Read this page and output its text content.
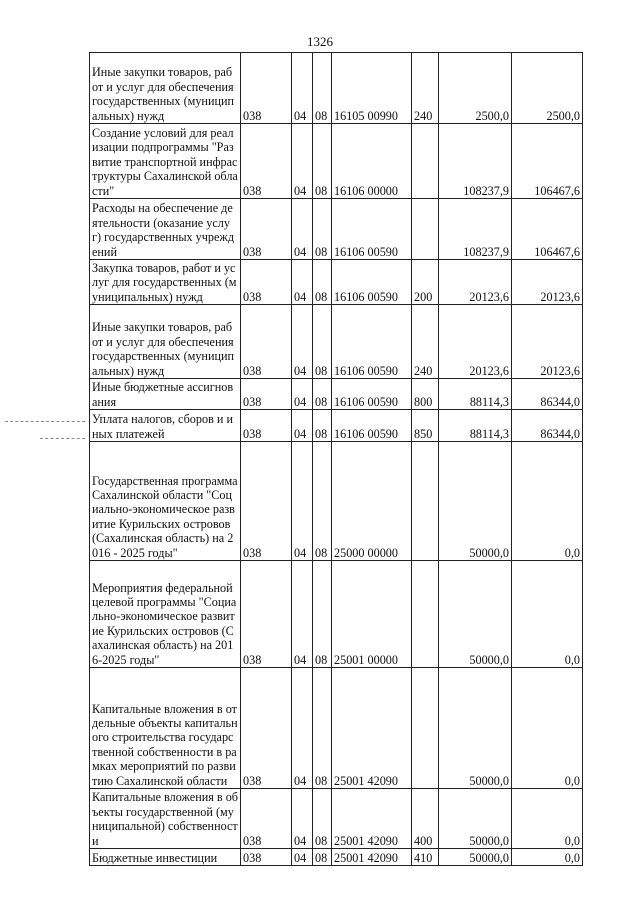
1326
Иные закупки товаров, работ и услуг для обеспечения государственных (муниципальных) нужд	038	04	08	16105 00990	240	2500,0	2500,0
Создание условий для реализации подпрограммы "Развитие транспортной инфраструктуры Сахалинской области"	038	04	08	16106 00000		108237,9	106467,6
Расходы на обеспечение деятельности (оказание услуг) государственных учреждений	038	04	08	16106 00590		108237,9	106467,6
Закупка товаров, работ и услуг для государственных (муниципальных) нужд	038	04	08	16106 00590	200	20123,6	20123,6
Иные закупки товаров, работ и услуг для обеспечения государственных (муниципальных) нужд	038	04	08	16106 00590	240	20123,6	20123,6
Иные бюджетные ассигнования	038	04	08	16106 00590	800	88114,3	86344,0
Уплата налогов, сборов и иных платежей	038	04	08	16106 00590	850	88114,3	86344,0
Государственная программа Сахалинской области "Социально-экономическое развитие Курильских островов (Сахалинская область) на 2016 - 2025 годы"	038	04	08	25000 00000		50000,0	0,0
Мероприятия федеральной целевой программы "Социально-экономическое развитие Курильских островов (Сахалинская область) на 2016-2025 годы"	038	04	08	25001 00000		50000,0	0,0
Капитальные вложения в отдельные объекты капитального строительства государственной собственности в рамках мероприятий по развитию Сахалинской области	038	04	08	25001 42090		50000,0	0,0
Капитальные вложения в объекты государственной (муниципальной) собственности	038	04	08	25001 42090	400	50000,0	0,0
Бюджетные инвестиции	038	04	08	25001 42090	410	50000,0	0,0
